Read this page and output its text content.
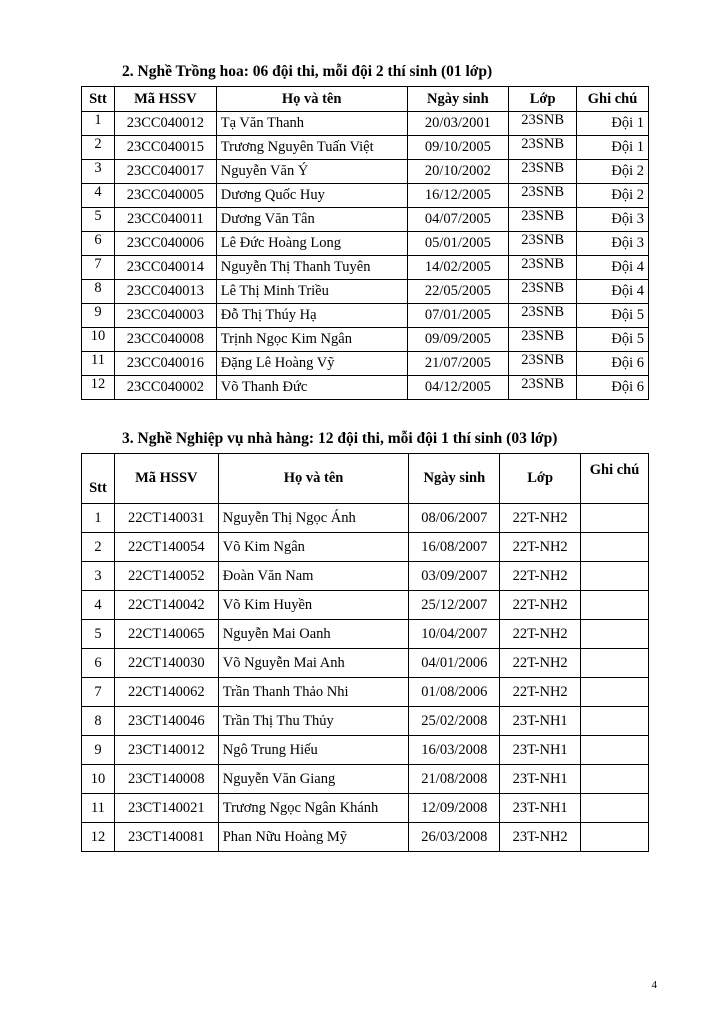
2. Nghề Trồng hoa: 06 đội thi, mỗi đội 2 thí sinh (01 lớp)
Stt	Mã HSSV	Họ và tên	Ngày sinh	Lớp	Ghi chú
1	23CC040012	Tạ Văn Thanh	20/03/2001	23SNB	Đội 1
2	23CC040015	Trương Nguyên Tuấn Việt	09/10/2005	23SNB	Đội 1
3	23CC040017	Nguyễn Văn Ý	20/10/2002	23SNB	Đội 2
4	23CC040005	Dương Quốc Huy	16/12/2005	23SNB	Đội 2
5	23CC040011	Dương Văn Tân	04/07/2005	23SNB	Đội 3
6	23CC040006	Lê Đức Hoàng Long	05/01/2005	23SNB	Đội 3
7	23CC040014	Nguyễn Thị Thanh Tuyên	14/02/2005	23SNB	Đội 4
8	23CC040013	Lê Thị Minh Triều	22/05/2005	23SNB	Đội 4
9	23CC040003	Đỗ Thị Thúy Hạ	07/01/2005	23SNB	Đội 5
10	23CC040008	Trịnh Ngọc Kim Ngân	09/09/2005	23SNB	Đội 5
11	23CC040016	Đặng Lê Hoàng Vỹ	21/07/2005	23SNB	Đội 6
12	23CC040002	Võ Thanh Đức	04/12/2005	23SNB	Đội 6
3. Nghề Nghiệp vụ nhà hàng: 12 đội thi, mỗi đội 1 thí sinh (03 lớp)
Stt	Mã HSSV	Họ và tên	Ngày sinh	Lớp	Ghi chú
1	22CT140031	Nguyễn Thị Ngọc Ánh	08/06/2007	22T-NH2	
2	22CT140054	Võ Kim Ngân	16/08/2007	22T-NH2	
3	22CT140052	Đoàn Văn Nam	03/09/2007	22T-NH2	
4	22CT140042	Võ Kim Huyền	25/12/2007	22T-NH2	
5	22CT140065	Nguyễn Mai Oanh	10/04/2007	22T-NH2	
6	22CT140030	Võ Nguyễn Mai Anh	04/01/2006	22T-NH2	
7	22CT140062	Trần Thanh Thảo Nhi	01/08/2006	22T-NH2	
8	23CT140046	Trần Thị Thu Thủy	25/02/2008	23T-NH1	
9	23CT140012	Ngô Trung Hiếu	16/03/2008	23T-NH1	
10	23CT140008	Nguyễn Văn Giang	21/08/2008	23T-NH1	
11	23CT140021	Trương Ngọc Ngân Khánh	12/09/2008	23T-NH1	
12	23CT140081	Phan Nữu Hoàng Mỹ	26/03/2008	23T-NH2	
4
